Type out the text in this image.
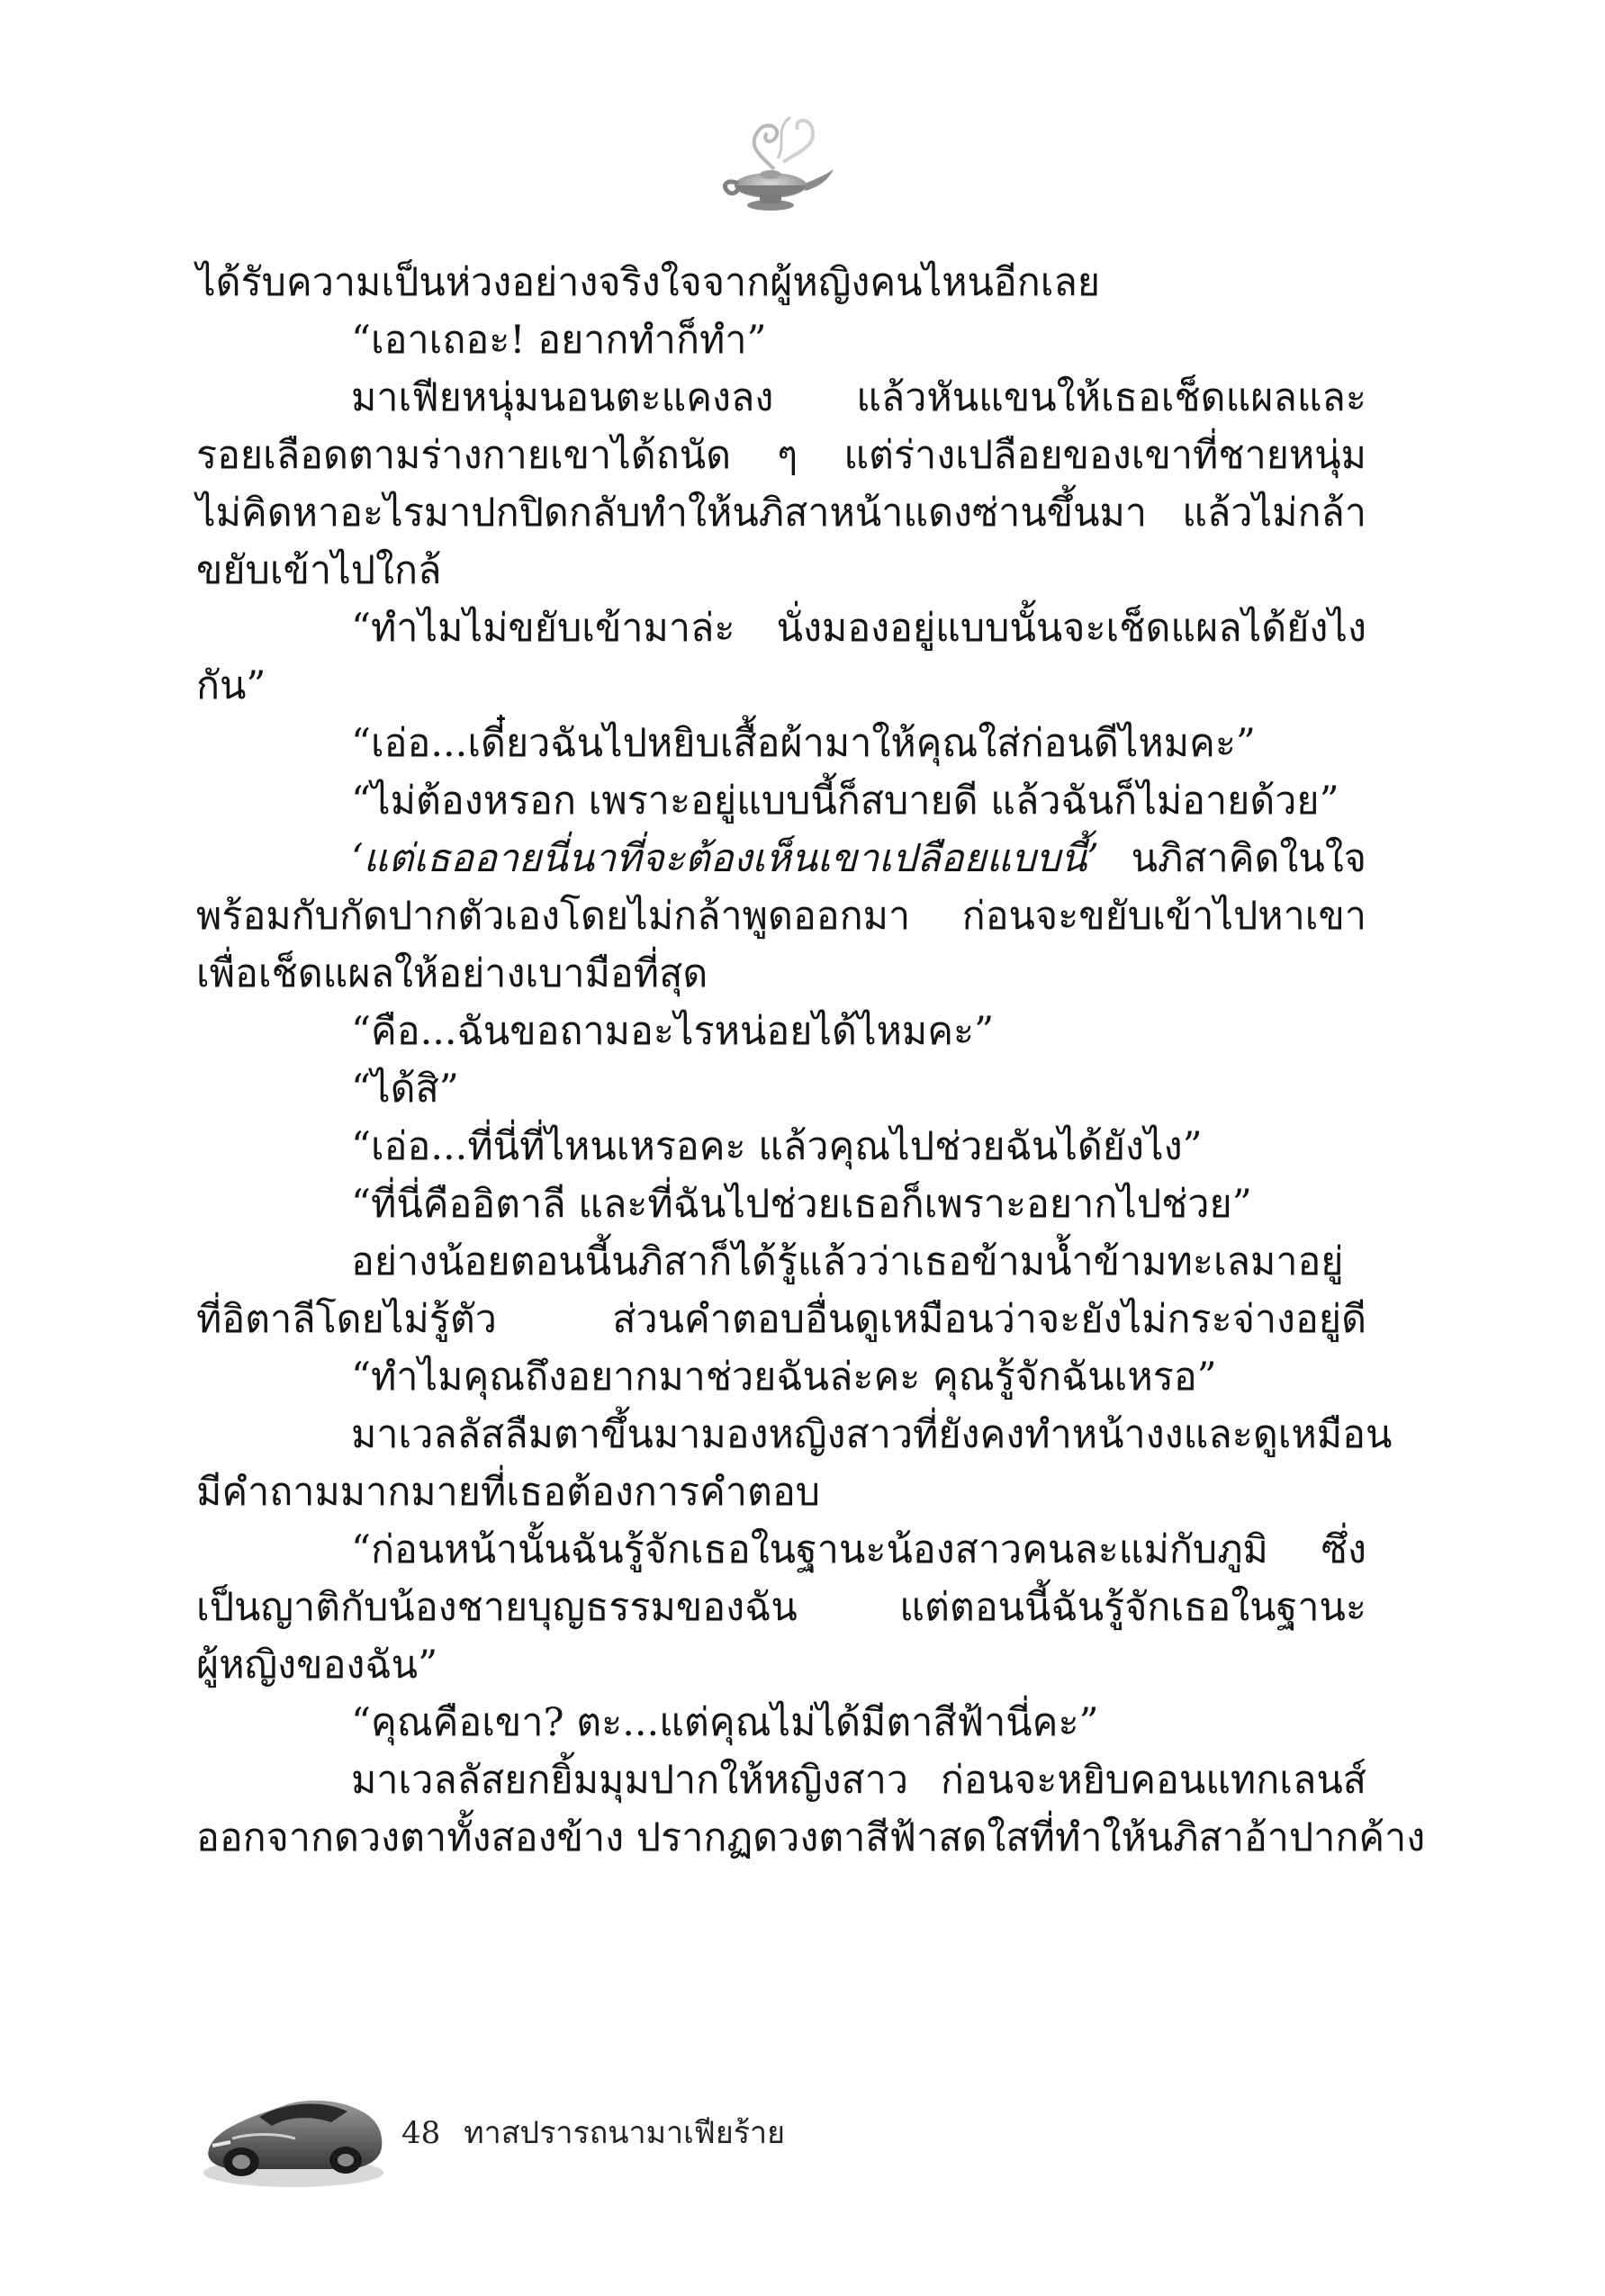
ได้รับความเป็นห่วงอย่างจริงใจจากผู้หญิงคนไหนอีกเลย
“เอาเถอะ! อยากทำก็ทำ”
มาเฟียหนุ่มนอนตะแคงลง แล้วหันแขนให้เธอเช็ดแผลและ
รอยเลือดตามร่างกายเขาได้ถนัด ๆ แต่ร่างเปลือยของเขาที่ชายหนุ่ม
ไม่คิดหาอะไรมาปกปิดกลับทำให้นภิสาหน้าแดงซ่านขึ้นมา แล้วไม่กล้า
ขยับเข้าไปใกล้
“ทำไมไม่ขยับเข้ามาล่ะ นั่งมองอยู่แบบนั้นจะเช็ดแผลได้ยังไง
กัน”
“เอ่อ...เดี๋ยวฉันไปหยิบเสื้อผ้ามาให้คุณใส่ก่อนดีไหมคะ”
“ไม่ต้องหรอก เพราะอยู่แบบนี้ก็สบายดี แล้วฉันก็ไม่อายด้วย”
‘แต่เธออายนี่นาที่จะต้องเห็นเขาเปลือยแบบนี้’ นภิสาคิดในใจ
พร้อมกับกัดปากตัวเองโดยไม่กล้าพูดออกมา ก่อนจะขยับเข้าไปหาเขา
เพื่อเช็ดแผลให้อย่างเบามือที่สุด
“คือ...ฉันขอถามอะไรหน่อยได้ไหมคะ”
“ได้สิ”
“เอ่อ...ที่นี่ที่ไหนเหรอคะ แล้วคุณไปช่วยฉันได้ยังไง”
“ที่นี่คืออิตาลี และที่ฉันไปช่วยเธอก็เพราะอยากไปช่วย”
อย่างน้อยตอนนี้นภิสาก็ได้รู้แล้วว่าเธอข้ามน้ำข้ามทะเลมาอยู่
ที่อิตาลีโดยไม่รู้ตัว ส่วนคำตอบอื่นดูเหมือนว่าจะยังไม่กระจ่างอยู่ดี
“ทำไมคุณถึงอยากมาช่วยฉันล่ะคะ คุณรู้จักฉันเหรอ”
มาเวลลัสลืมตาขึ้นมามองหญิงสาวที่ยังคงทำหน้างงและดูเหมือน
มีคำถามมากมายที่เธอต้องการคำตอบ
“ก่อนหน้านั้นฉันรู้จักเธอในฐานะน้องสาวคนละแม่กับภูมิ ซึ่ง
เป็นญาติกับน้องชายบุญธรรมของฉัน แต่ตอนนี้ฉันรู้จักเธอในฐานะ
ผู้หญิงของฉัน”
“คุณคือเขา? ตะ...แต่คุณไม่ได้มีตาสีฟ้านี่คะ”
มาเวลลัสยกยิ้มมุมปากให้หญิงสาว ก่อนจะหยิบคอนแทกเลนส์
ออกจากดวงตาทั้งสองข้าง ปรากฏดวงตาสีฟ้าสดใสที่ทำให้นภิสาอ้าปากค้าง
48 ทาสปรารถนามาเฟียร้าย
